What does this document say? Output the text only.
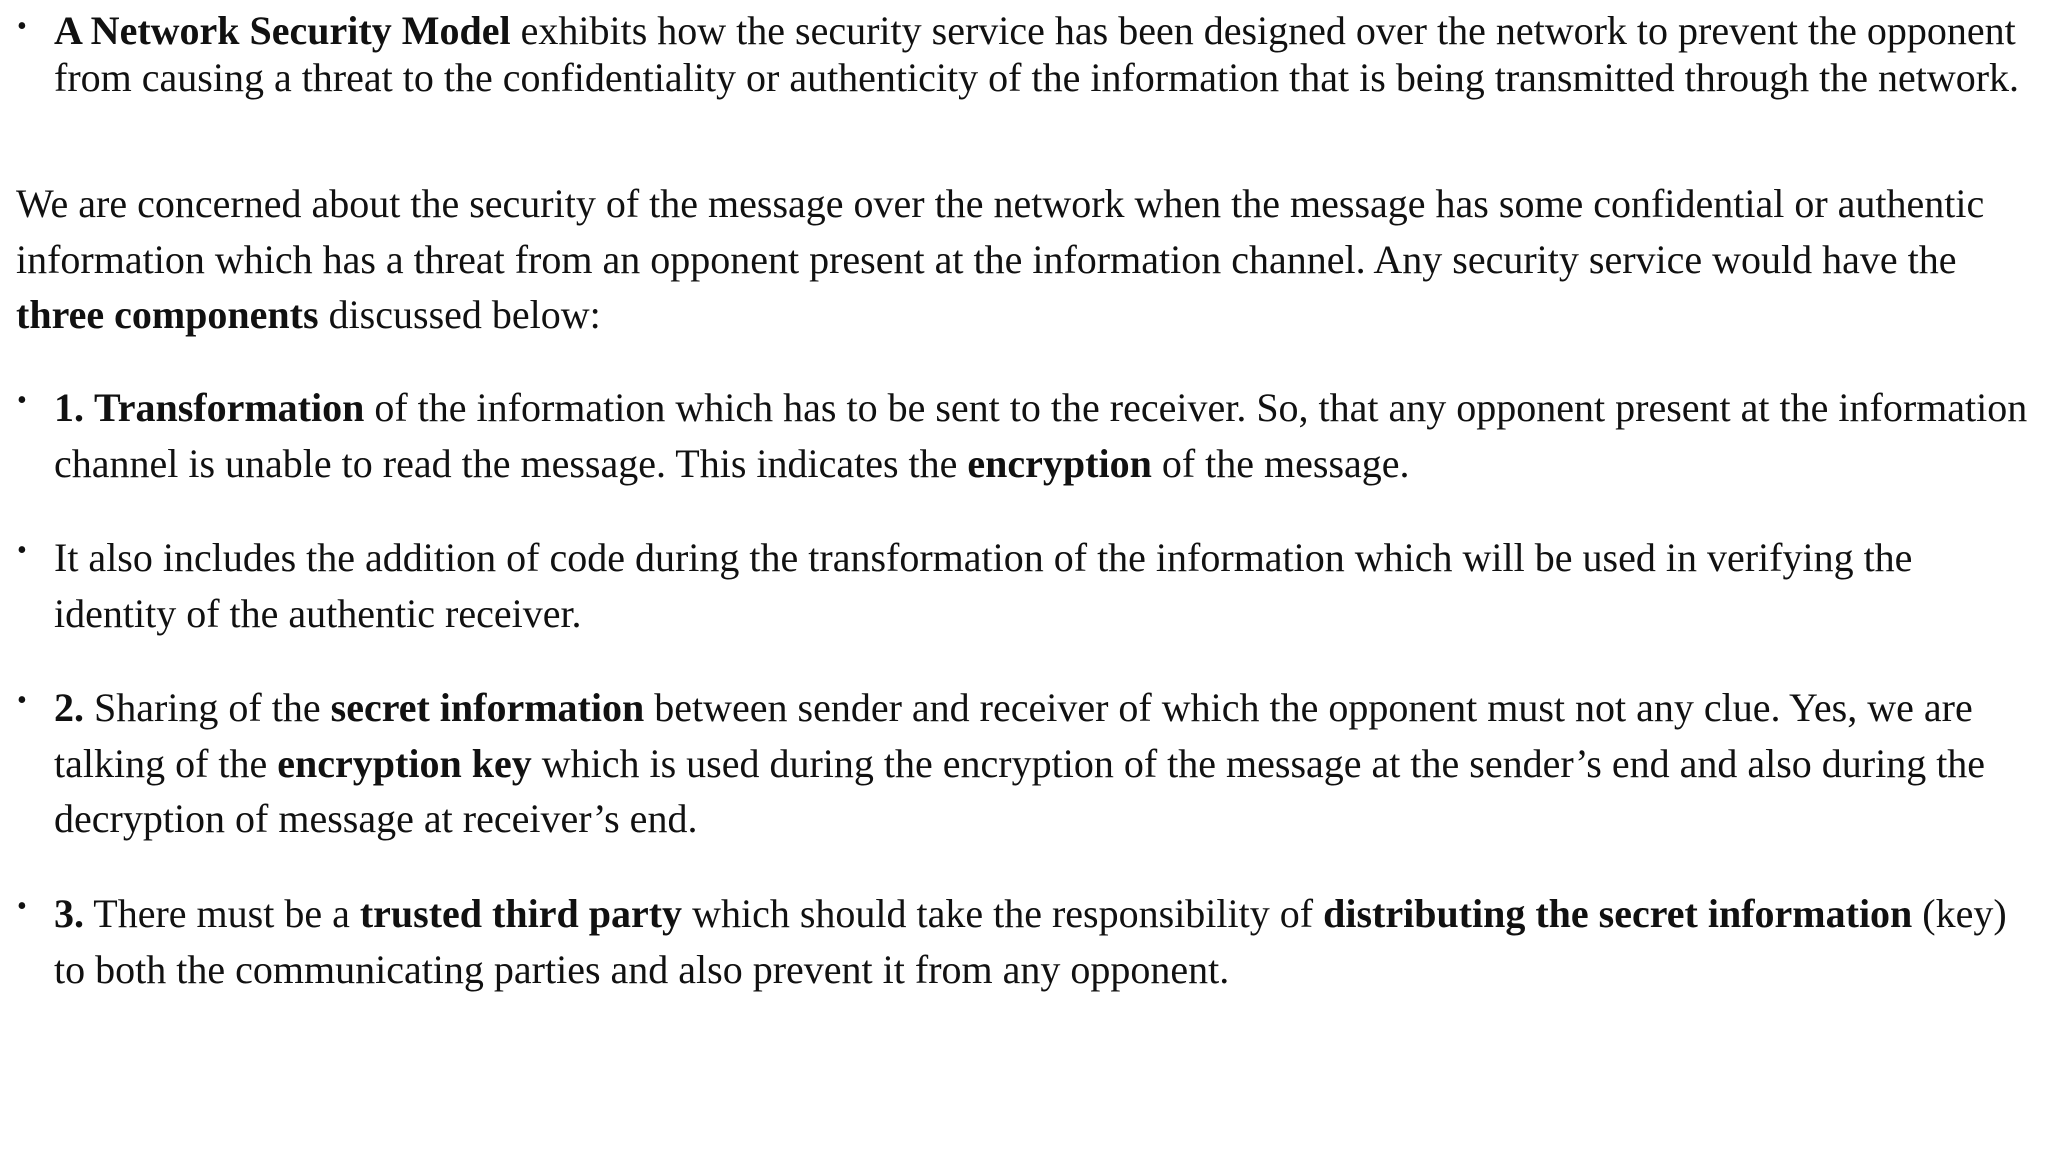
• A Network Security Model exhibits how the security service has been designed over the network to prevent the opponent from causing a threat to the confidentiality or authenticity of the information that is being transmitted through the network.

We are concerned about the security of the message over the network when the message has some confidential or authentic information which has a threat from an opponent present at the information channel. Any security service would have the three components discussed below:

• 1. Transformation of the information which has to be sent to the receiver. So, that any opponent present at the information channel is unable to read the message. This indicates the encryption of the message.

• It also includes the addition of code during the transformation of the information which will be used in verifying the identity of the authentic receiver.

• 2. Sharing of the secret information between sender and receiver of which the opponent must not any clue. Yes, we are talking of the encryption key which is used during the encryption of the message at the sender’s end and also during the decryption of message at receiver’s end.

• 3. There must be a trusted third party which should take the responsibility of distributing the secret information (key) to both the communicating parties and also prevent it from any opponent.
